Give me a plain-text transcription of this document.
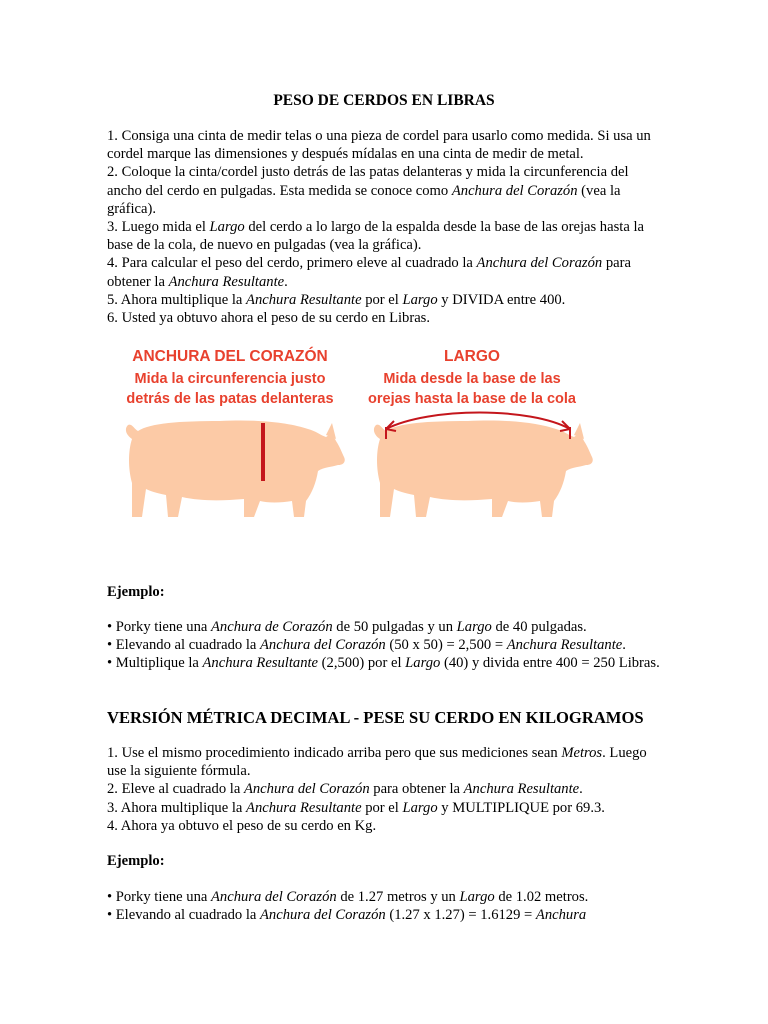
PESO DE CERDOS EN LIBRAS

1. Consiga una cinta de medir telas o una pieza de cordel para usarlo como medida. Si usa un cordel marque las dimensiones y después mídalas en una cinta de medir de metal.

2. Coloque la cinta/cordel justo detrás de las patas delanteras y mida la circunferencia del ancho del cerdo en pulgadas. Esta medida se conoce como Anchura del Corazón (vea la gráfica).

3. Luego mida el Largo del cerdo a lo largo de la espalda desde la base de las orejas hasta la base de la cola, de nuevo en pulgadas (vea la gráfica).

4. Para calcular el peso del cerdo, primero eleve al cuadrado la Anchura del Corazón para obtener la Anchura Resultante.

5. Ahora multiplique la Anchura Resultante por el Largo y DIVIDA entre 400.

6. Usted ya obtuvo ahora el peso de su cerdo en Libras.

ANCHURA DEL CORAZÓN
Mida la circunferencia justo
detrás de las patas delanteras
LARGO
Mida desde la base de las
orejas hasta la base de la cola
Ejemplo:

• Porky tiene una Anchura de Corazón de 50 pulgadas y un Largo de 40 pulgadas.

• Elevando al cuadrado la Anchura del Corazón (50 x 50) = 2,500 = Anchura Resultante.

• Multiplique la Anchura Resultante (2,500) por el Largo (40) y divida entre 400 = 250 Libras.

VERSIÓN MÉTRICA DECIMAL - PESE SU CERDO EN KILOGRAMOS

1. Use el mismo procedimiento indicado arriba pero que sus mediciones sean Metros. Luego use la siguiente fórmula.

2. Eleve al cuadrado la Anchura del Corazón para obtener la Anchura Resultante.

3. Ahora multiplique la Anchura Resultante por el Largo y MULTIPLIQUE por 69.3.

4. Ahora ya obtuvo el peso de su cerdo en Kg.

Ejemplo:

• Porky tiene una Anchura del Corazón de 1.27 metros y un Largo de 1.02 metros.

• Elevando al cuadrado la Anchura del Corazón (1.27 x 1.27) = 1.6129 = Anchura
